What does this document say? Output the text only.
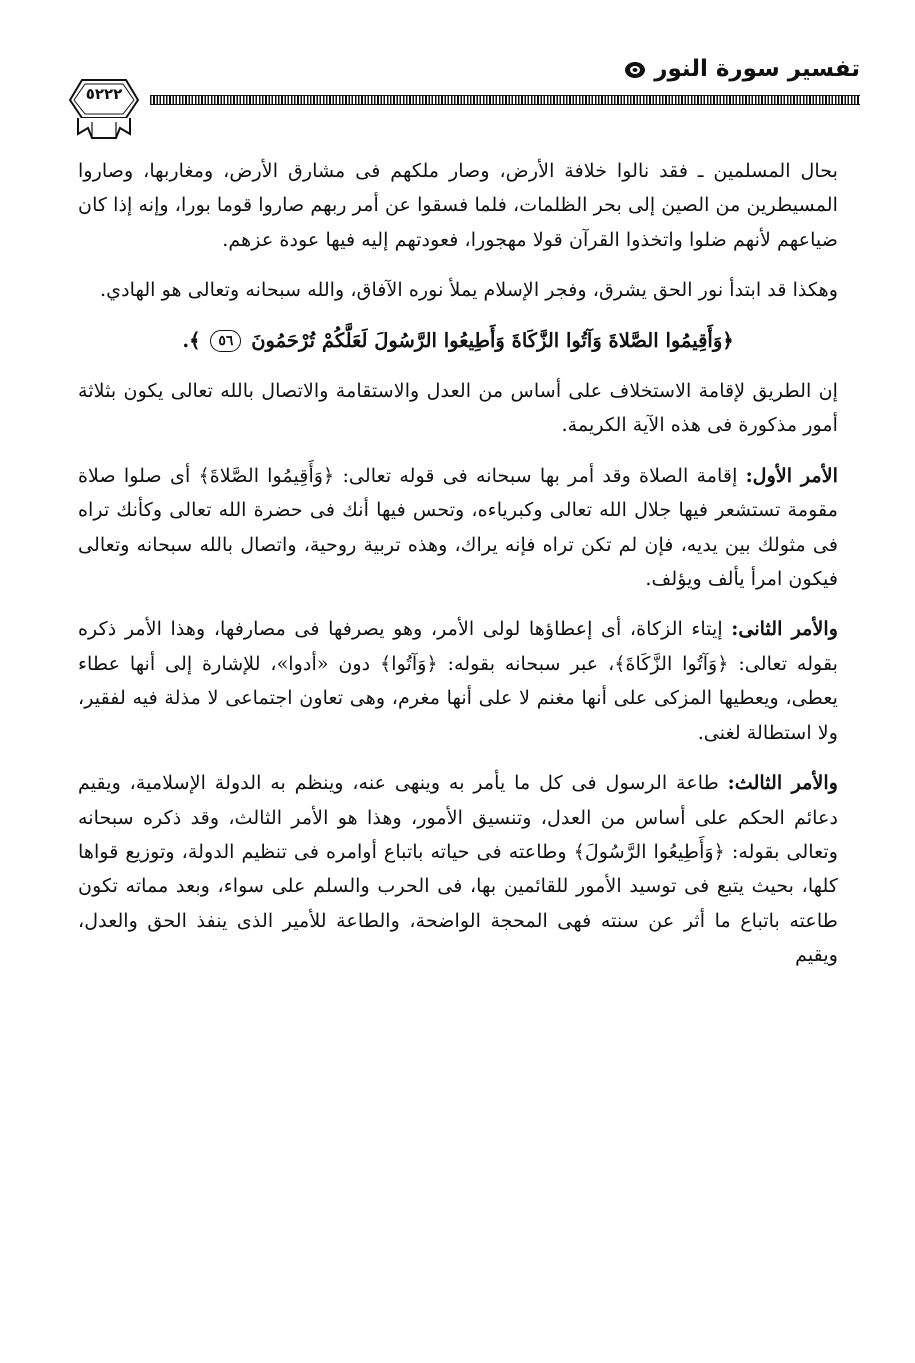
تفسير سورة النور
٥٢٢٢

بحال المسلمين ـ فقد نالوا خلافة الأرض، وصار ملكهم فى مشارق الأرض، ومغاربها، وصاروا المسيطرين من الصين إلى بحر الظلمات، فلما فسقوا عن أمر ربهم صاروا قوما بورا، وإنه إذا كان ضياعهم لأنهم ضلوا واتخذوا القرآن قولا مهجورا، فعودتهم إليه فيها عودة عزهم.

وهكذا قد ابتدأ نور الحق يشرق، وفجر الإسلام يملأ نوره الآفاق، والله سبحانه وتعالى هو الهادي.

﴿وَأَقِيمُوا الصَّلاةَ وَآتُوا الزَّكَاةَ وَأَطِيعُوا الرَّسُولَ لَعَلَّكُمْ تُرْحَمُونَ ٥٦ ﴾.

إن الطريق لإقامة الاستخلاف على أساس من العدل والاستقامة والاتصال بالله تعالى يكون بثلاثة أمور مذكورة فى هذه الآية الكريمة.

الأمر الأول: إقامة الصلاة وقد أمر بها سبحانه فى قوله تعالى: ﴿وَأَقِيمُوا الصَّلاةَ﴾ أى صلوا صلاة مقومة تستشعر فيها جلال الله تعالى وكبرياءه، وتحس فيها أنك فى حضرة الله تعالى وكأنك تراه فى مثولك بين يديه، فإن لم تكن تراه فإنه يراك، وهذه تربية روحية، واتصال بالله سبحانه وتعالى فيكون امرأ يألف ويؤلف.

والأمر الثانى: إيتاء الزكاة، أى إعطاؤها لولى الأمر، وهو يصرفها فى مصارفها، وهذا الأمر ذكره بقوله تعالى: ﴿وَآتُوا الزَّكَاةَ﴾، عبر سبحانه بقوله: ﴿وَآتُوا﴾ دون «أدوا»، للإشارة إلى أنها عطاء يعطى، ويعطيها المزكى على أنها مغنم لا على أنها مغرم، وهى تعاون اجتماعى لا مذلة فيه لفقير، ولا استطالة لغنى.

والأمر الثالث: طاعة الرسول فى كل ما يأمر به وينهى عنه، وينظم به الدولة الإسلامية، ويقيم دعائم الحكم على أساس من العدل، وتنسيق الأمور، وهذا هو الأمر الثالث، وقد ذكره سبحانه وتعالى بقوله: ﴿وَأَطِيعُوا الرَّسُولَ﴾ وطاعته فى حياته باتباع أوامره فى تنظيم الدولة، وتوزيع قواها كلها، بحيث يتبع فى توسيد الأمور للقائمين بها، فى الحرب والسلم على سواء، وبعد مماته تكون طاعته باتباع ما أثر عن سنته فهى المحجة الواضحة، والطاعة للأمير الذى ينفذ الحق والعدل، ويقيم
